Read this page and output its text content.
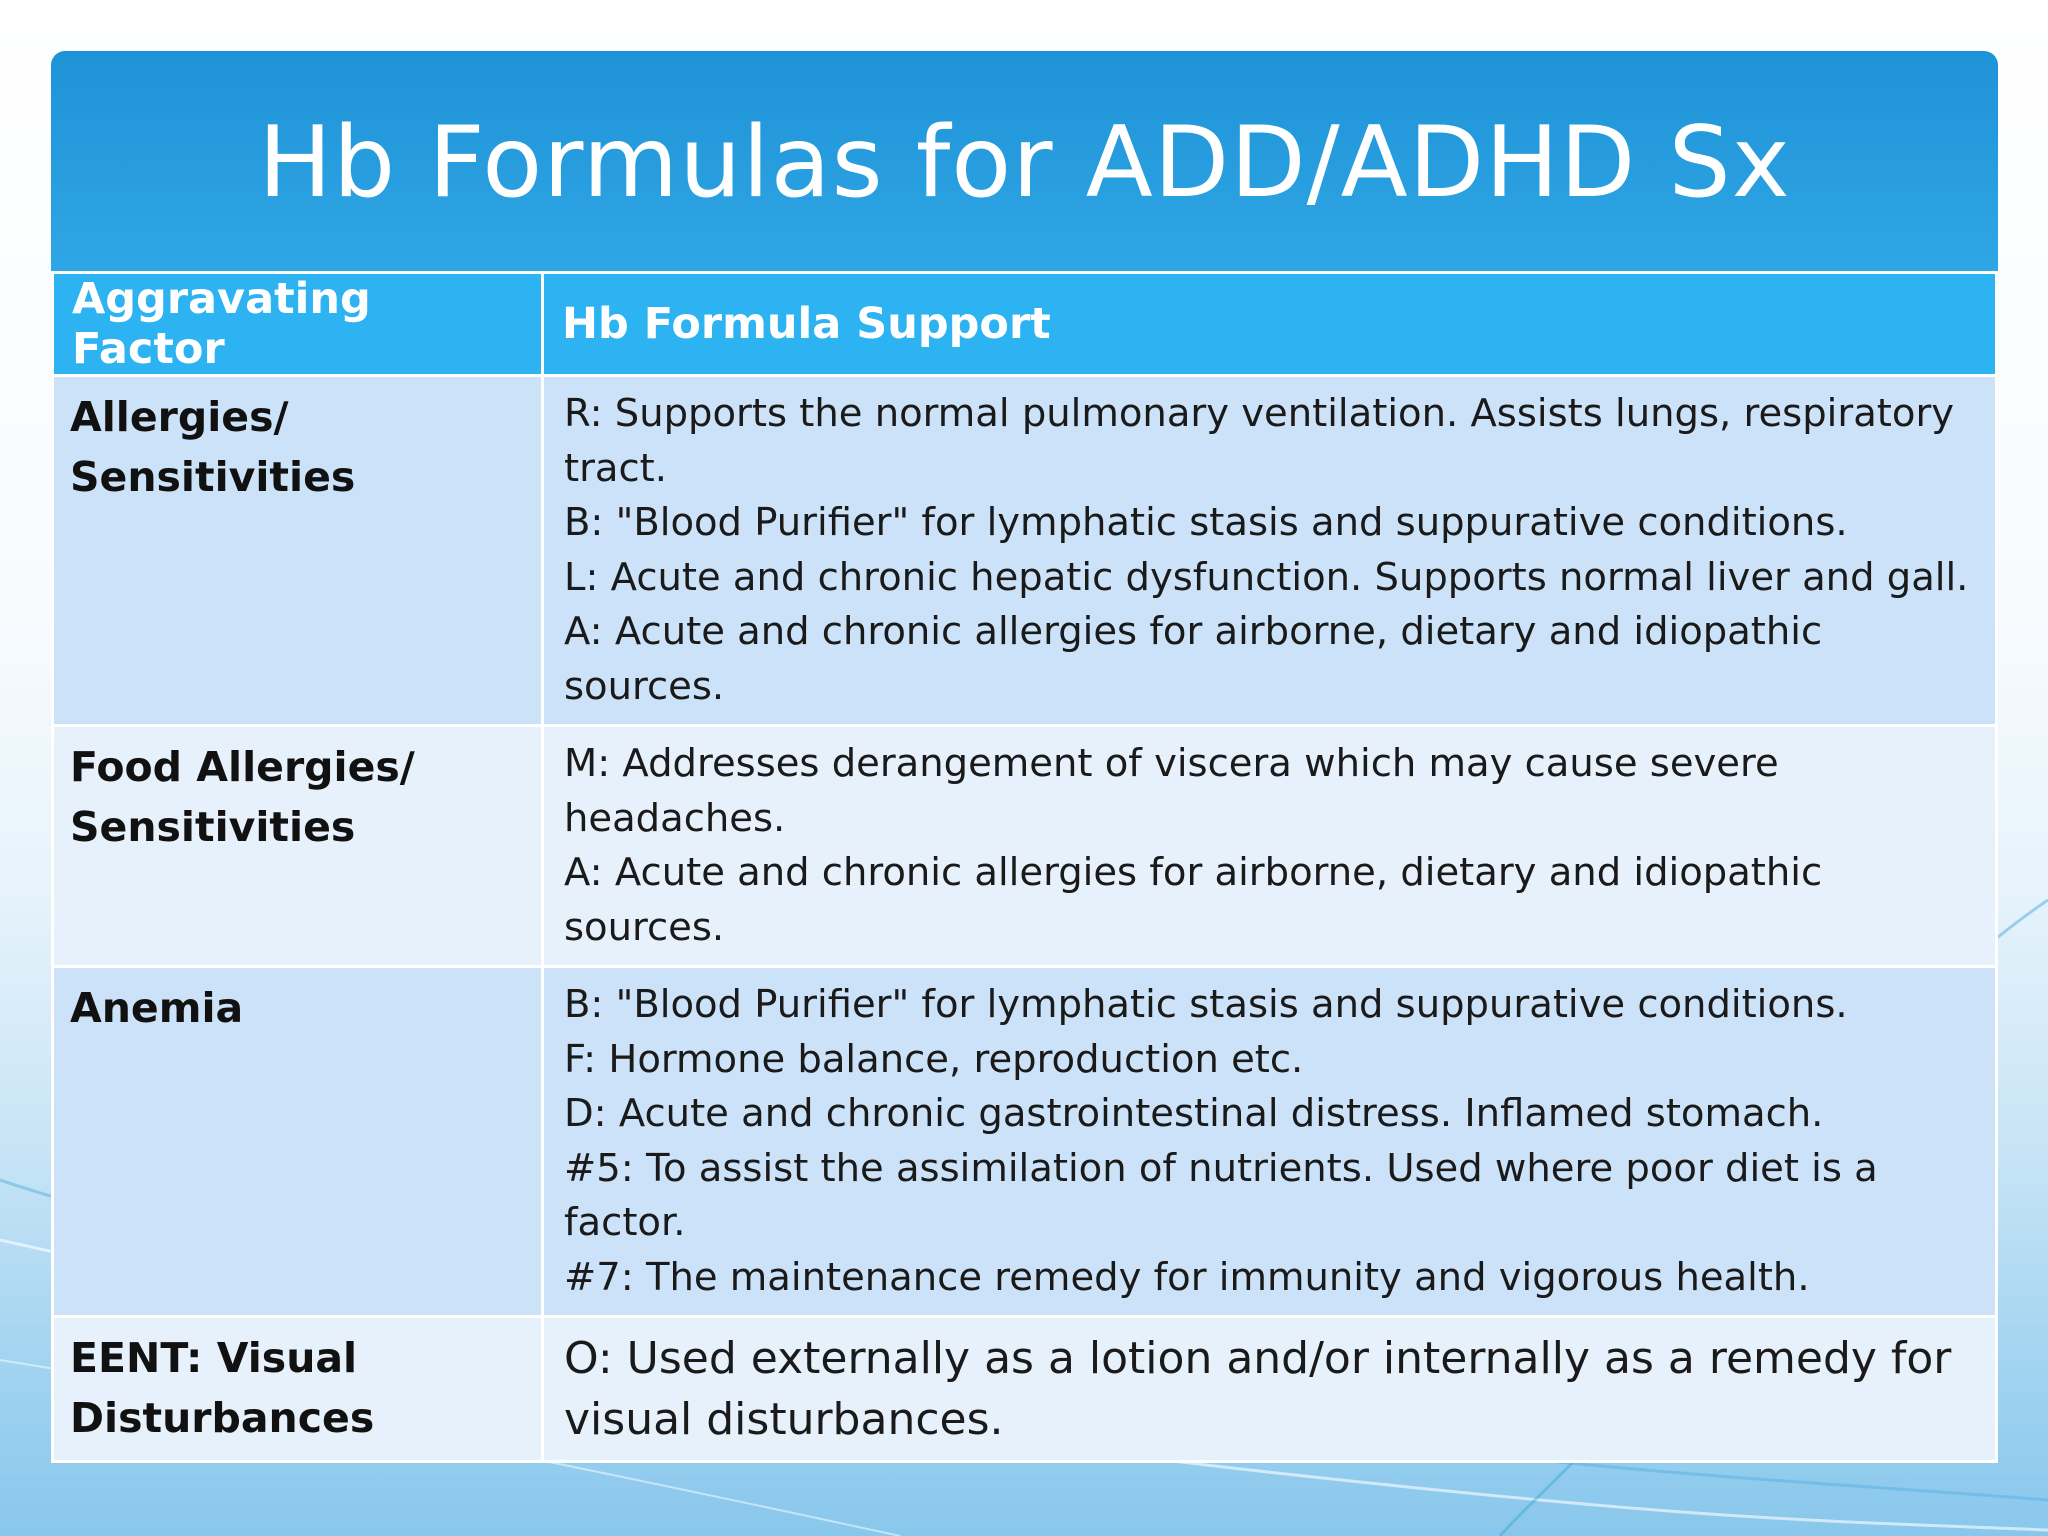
Hb Formulas for ADD/ADHD Sx
Aggravating Factor	Hb Formula Support

Allergies/
Sensitivities	R: Supports the normal pulmonary ventilation. Assists lungs, respiratory tract.
B: "Blood Purifier" for lymphatic stasis and suppurative conditions.
L: Acute and chronic hepatic dysfunction. Supports normal liver and gall.
A: Acute and chronic allergies for airborne, dietary and idiopathic sources.

Food Allergies/
Sensitivities	M: Addresses derangement of viscera which may cause severe headaches.
A: Acute and chronic allergies for airborne, dietary and idiopathic sources.

Anemia	B: "Blood Purifier" for lymphatic stasis and suppurative conditions.
F: Hormone balance, reproduction etc.
D: Acute and chronic gastrointestinal distress. Inflamed stomach.
#5: To assist the assimilation of nutrients. Used where poor diet is a factor.
#7: The maintenance remedy for immunity and vigorous health.

EENT: Visual
Disturbances	O: Used externally as a lotion and/or internally as a remedy for visual disturbances.
